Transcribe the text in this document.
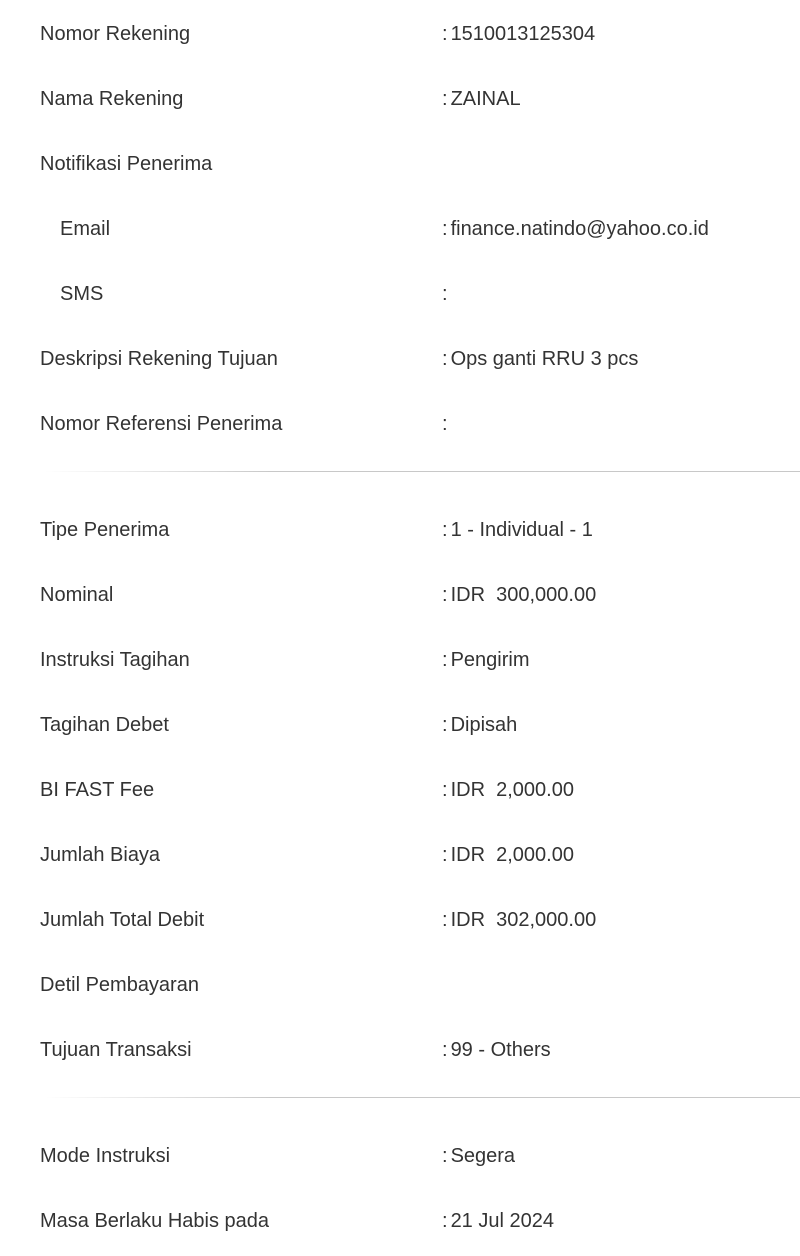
Nomor Rekening	: 1510013125304
Nama Rekening	: ZAINAL
Notifikasi Penerima
Email	: finance.natindo@yahoo.co.id
SMS	:
Deskripsi Rekening Tujuan	: Ops ganti RRU 3 pcs
Nomor Referensi Penerima	:
Tipe Penerima	: 1 - Individual - 1
Nominal	: IDR  300,000.00
Instruksi Tagihan	: Pengirim
Tagihan Debet	: Dipisah
BI FAST Fee	: IDR  2,000.00
Jumlah Biaya	: IDR  2,000.00
Jumlah Total Debit	: IDR  302,000.00
Detil Pembayaran
Tujuan Transaksi	: 99 - Others
Mode Instruksi	: Segera
Masa Berlaku Habis pada	: 21 Jul 2024
